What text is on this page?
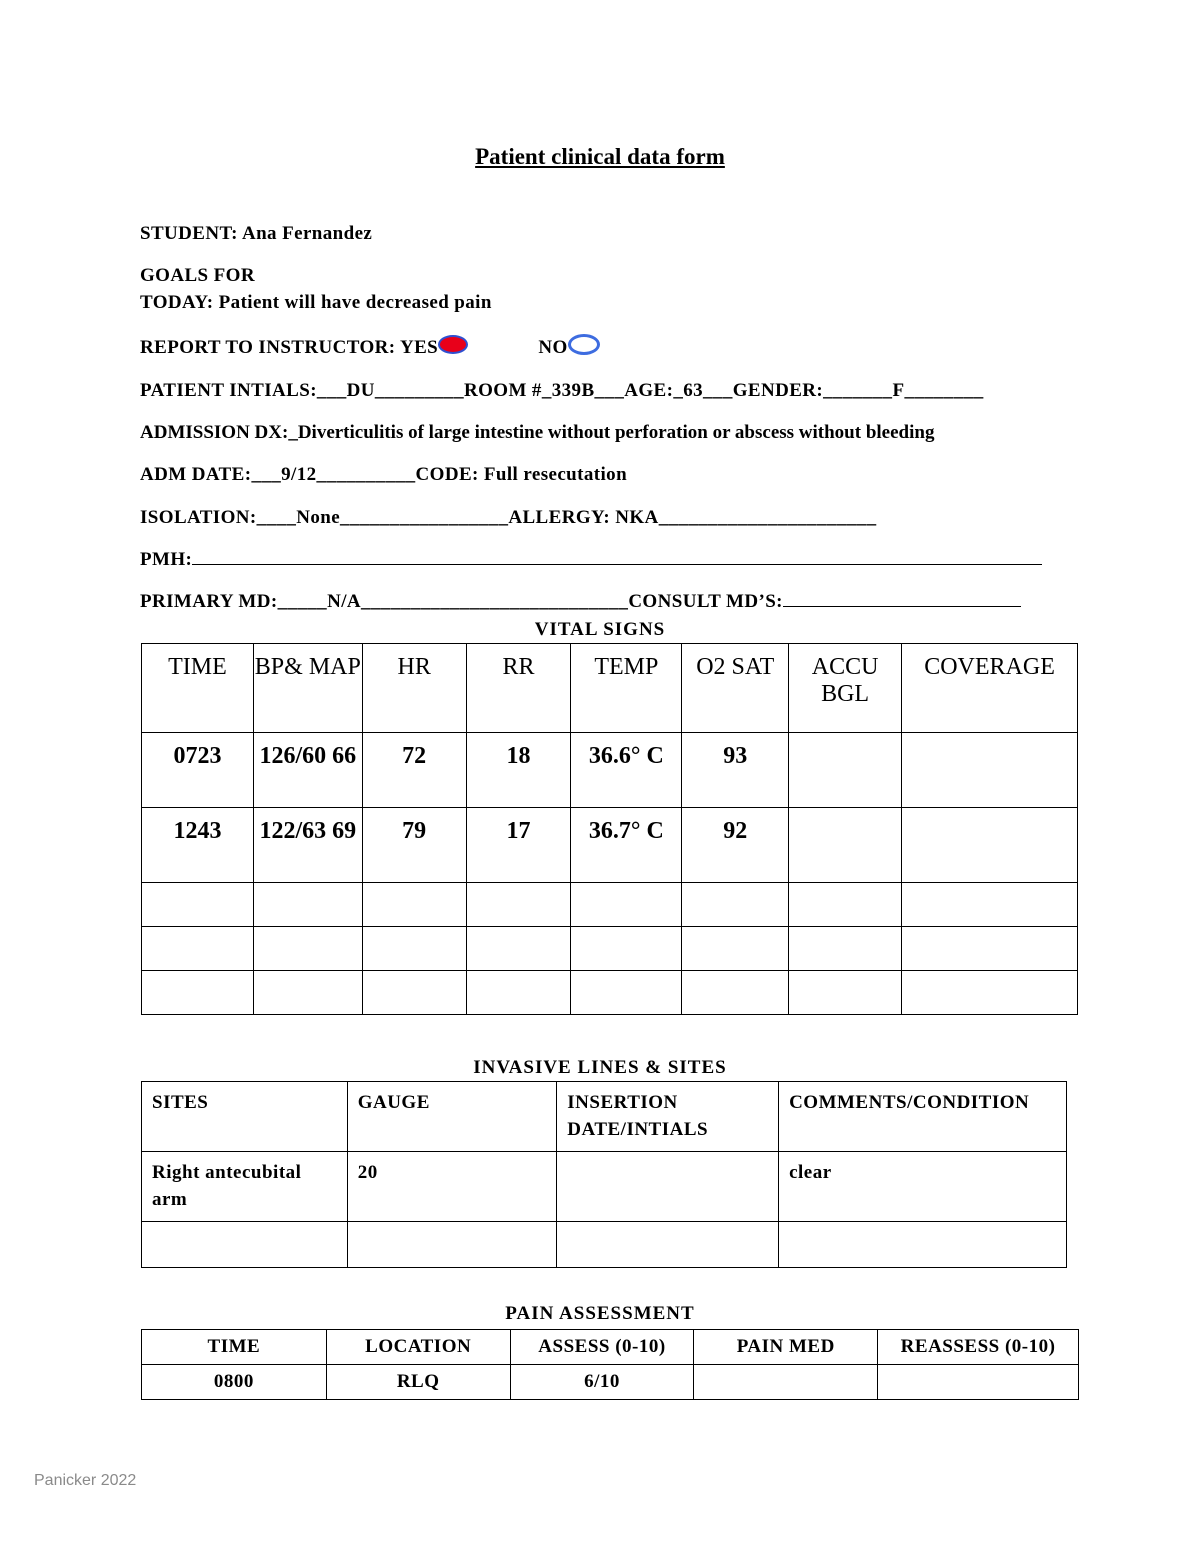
Patient clinical data form
STUDENT: Ana Fernandez
GOALS FOR
TODAY: Patient will have decreased pain
REPORT TO INSTRUCTOR: YES	NO
PATIENT INTIALS:___DU_________ROOM #_339B___AGE:_63___GENDER:_______F________
ADMISSION DX:_Diverticulitis of large intestine without perforation or abscess without bleeding
ADM DATE:___9/12__________CODE: Full resecutation
ISOLATION:____None_________________ALLERGY: NKA______________________
PMH:
PRIMARY MD:_____N/A___________________________CONSULT MD’S:
VITAL SIGNS
TIME	BP& MAP	HR	RR	TEMP	O2 SAT	ACCU BGL	COVERAGE
0723	126/60 66	72	18	36.6° C	93		
1243	122/63 69	79	17	36.7° C	92		

INVASIVE LINES & SITES
SITES	GAUGE	INSERTION DATE/INTIALS	COMMENTS/CONDITION
Right antecubital arm	20		clear

PAIN ASSESSMENT
TIME	LOCATION	ASSESS (0-10)	PAIN MED	REASSESS (0-10)
0800	RLQ	6/10		
Panicker 2022
